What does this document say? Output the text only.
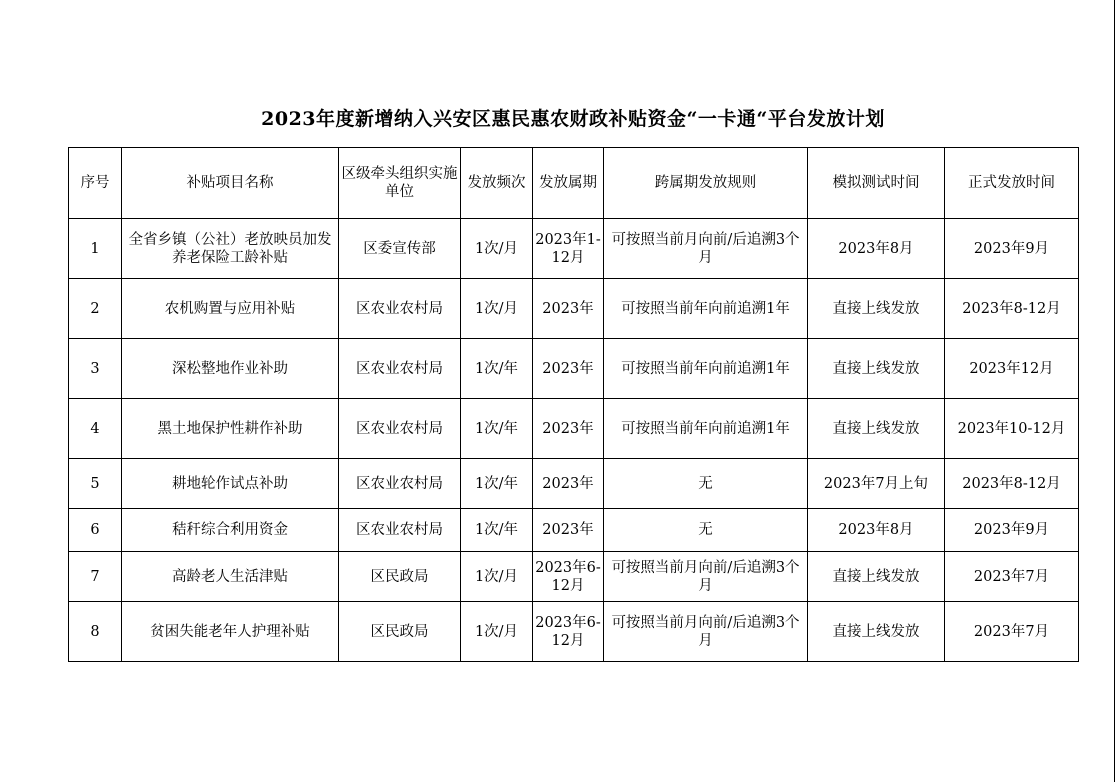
2023年度新增纳入兴安区惠民惠农财政补贴资金“一卡通“平台发放计划
序号	补贴项目名称	区级牵头组织实施单位	发放频次	发放属期	跨属期发放规则	模拟测试时间	正式发放时间
1	全省乡镇（公社）老放映员加发养老保险工龄补贴	区委宣传部	1次/月	2023年1-12月	可按照当前月向前/后追溯3个月	2023年8月	2023年9月
2	农机购置与应用补贴	区农业农村局	1次/月	2023年	可按照当前年向前追溯1年	直接上线发放	2023年8-12月
3	深松整地作业补助	区农业农村局	1次/年	2023年	可按照当前年向前追溯1年	直接上线发放	2023年12月
4	黑土地保护性耕作补助	区农业农村局	1次/年	2023年	可按照当前年向前追溯1年	直接上线发放	2023年10-12月
5	耕地轮作试点补助	区农业农村局	1次/年	2023年	无	2023年7月上旬	2023年8-12月
6	秸秆综合利用资金	区农业农村局	1次/年	2023年	无	2023年8月	2023年9月
7	高龄老人生活津贴	区民政局	1次/月	2023年6-12月	可按照当前月向前/后追溯3个月	直接上线发放	2023年7月
8	贫困失能老年人护理补贴	区民政局	1次/月	2023年6-12月	可按照当前月向前/后追溯3个月	直接上线发放	2023年7月
